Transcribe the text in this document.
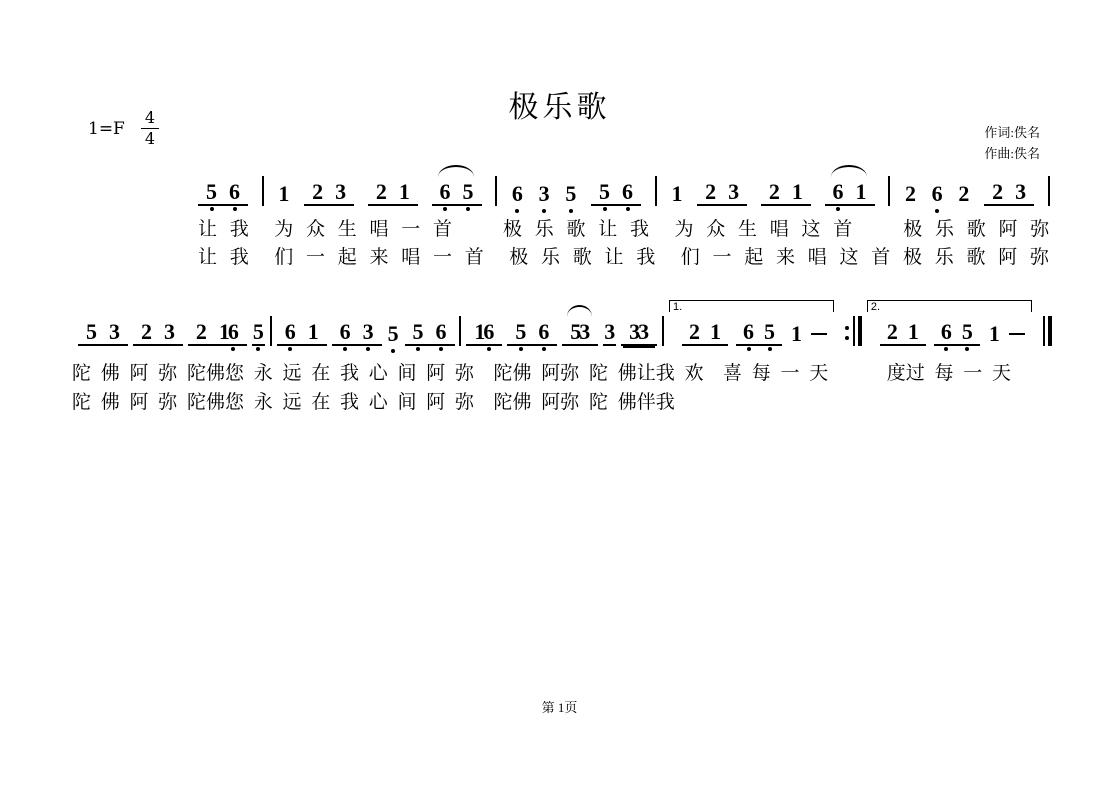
极乐歌
$1=F \frac{4}{4}$	作词:佚名
作曲:佚名
5 6 1 2 3 2 1 6 5 6 3 5 5 6 1 2 3 2 1 6 1 2 6 2 2 3
让 我  为 众 生 唱 一 首    极 乐 歌 让 我  为 众 生 唱 这 首    极 乐 歌 阿 弥
让 我  们 一 起 来 唱 一 首  极 乐 歌 让 我  们 一 起 来 唱 这 首 极 乐 歌 阿 弥
5 3 2 3 2 1
6 5 6 1 6 3 5 5 6 1
6 5 6 5
3 3 3
3
1.
2 1 6 5 1
2.
2 1 6 5 1
陀 佛 阿 弥 陀佛您 永 远 在 我 心 间 阿 弥  陀佛 阿弥 陀 佛让我 欢  喜 每 一 天      度过 每 一 天
陀 佛 阿 弥 陀佛您 永 远 在 我 心 间 阿 弥  陀佛 阿弥 陀 佛伴我
第 1页
